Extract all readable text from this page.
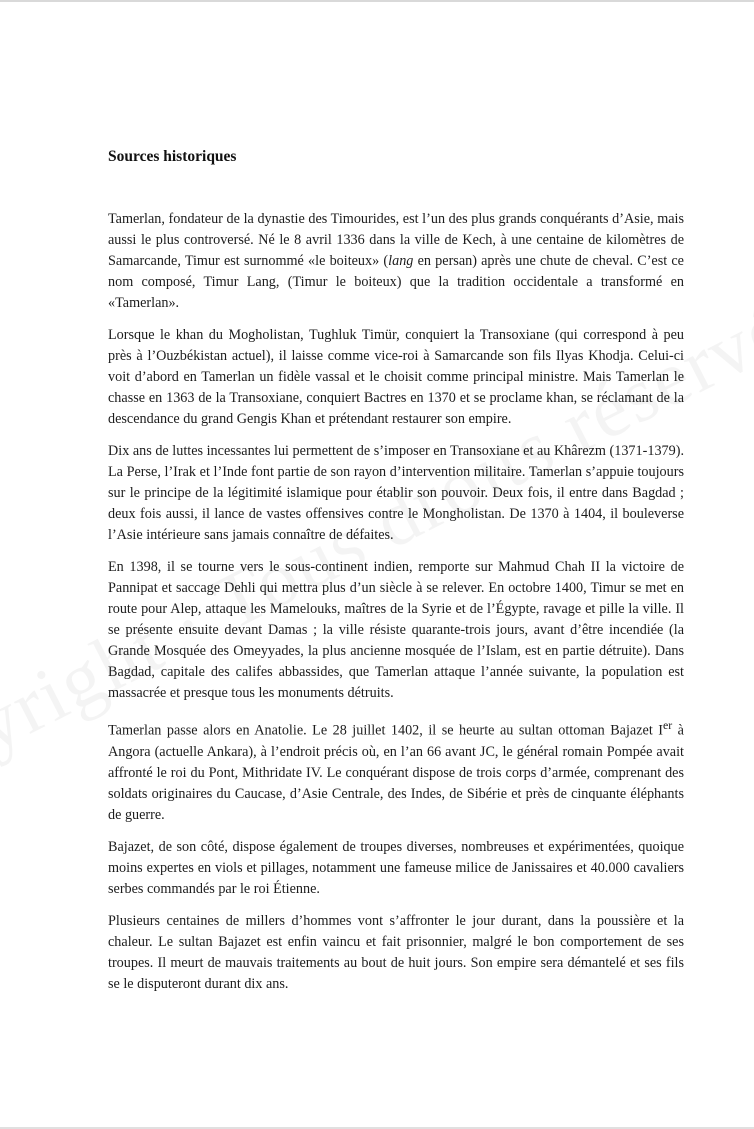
Sources historiques

Tamerlan, fondateur de la dynastie des Timourides, est l’un des plus grands conquérants d’Asie, mais aussi le plus controversé. Né le 8 avril 1336 dans la ville de Kech, à une centaine de kilomètres de Samarcande, Timur est surnommé «le boiteux» (lang en persan) après une chute de cheval. C’est ce nom composé, Timur Lang, (Timur le boiteux) que la tradition occidentale a transformé en «Tamerlan».

Lorsque le khan du Mogholistan, Tughluk Timür, conquiert la Transoxiane (qui correspond à peu près à l’Ouzbékistan actuel), il laisse comme vice-roi à Samarcande son fils Ilyas Khodja. Celui-ci voit d’abord en Tamerlan un fidèle vassal et le choisit comme principal ministre. Mais Tamerlan le chasse en 1363 de la Transoxiane, conquiert Bactres en 1370 et se proclame khan, se réclamant de la descendance du grand Gengis Khan et prétendant restaurer son empire.

Dix ans de luttes incessantes lui permettent de s’imposer en Transoxiane et au Khârezm (1371-1379). La Perse, l’Irak et l’Inde font partie de son rayon d’intervention militaire. Tamerlan s’appuie toujours sur le principe de la légitimité islamique pour établir son pouvoir. Deux fois, il entre dans Bagdad ; deux fois aussi, il lance de vastes offensives contre le Mongholistan. De 1370 à 1404, il bouleverse l’Asie intérieure sans jamais connaître de défaites.

En 1398, il se tourne vers le sous-continent indien, remporte sur Mahmud Chah II la victoire de Pannipat et saccage Dehli qui mettra plus d’un siècle à se relever. En octobre 1400, Timur se met en route pour Alep, attaque les Mamelouks, maîtres de la Syrie et de l’Égypte, ravage et pille la ville. Il se présente ensuite devant Damas ; la ville résiste quarante-trois jours, avant d’être incendiée (la Grande Mosquée des Omeyyades, la plus ancienne mosquée de l’Islam, est en partie détruite). Dans Bagdad, capitale des califes abbassides, que Tamerlan attaque l’année suivante, la population est massacrée et presque tous les monuments détruits.

Tamerlan passe alors en Anatolie. Le 28 juillet 1402, il se heurte au sultan ottoman Bajazet Ier à Angora (actuelle Ankara), à l’endroit précis où, en l’an 66 avant JC, le général romain Pompée avait affronté le roi du Pont, Mithridate IV. Le conquérant dispose de trois corps d’armée, comprenant des soldats originaires du Caucase, d’Asie Centrale, des Indes, de Sibérie et près de cinquante éléphants de guerre.

Bajazet, de son côté, dispose également de troupes diverses, nombreuses et expérimentées, quoique moins expertes en viols et pillages, notamment une fameuse milice de Janissaires et 40.000 cavaliers serbes commandés par le roi Étienne.

Plusieurs centaines de millers d’hommes vont s’affronter le jour durant, dans la poussière et la chaleur. Le sultan Bajazet est enfin vaincu et fait prisonnier, malgré le bon comportement de ses troupes. Il meurt de mauvais traitements au bout de huit jours. Son empire sera démantelé et ses fils se le disputeront durant dix ans.
